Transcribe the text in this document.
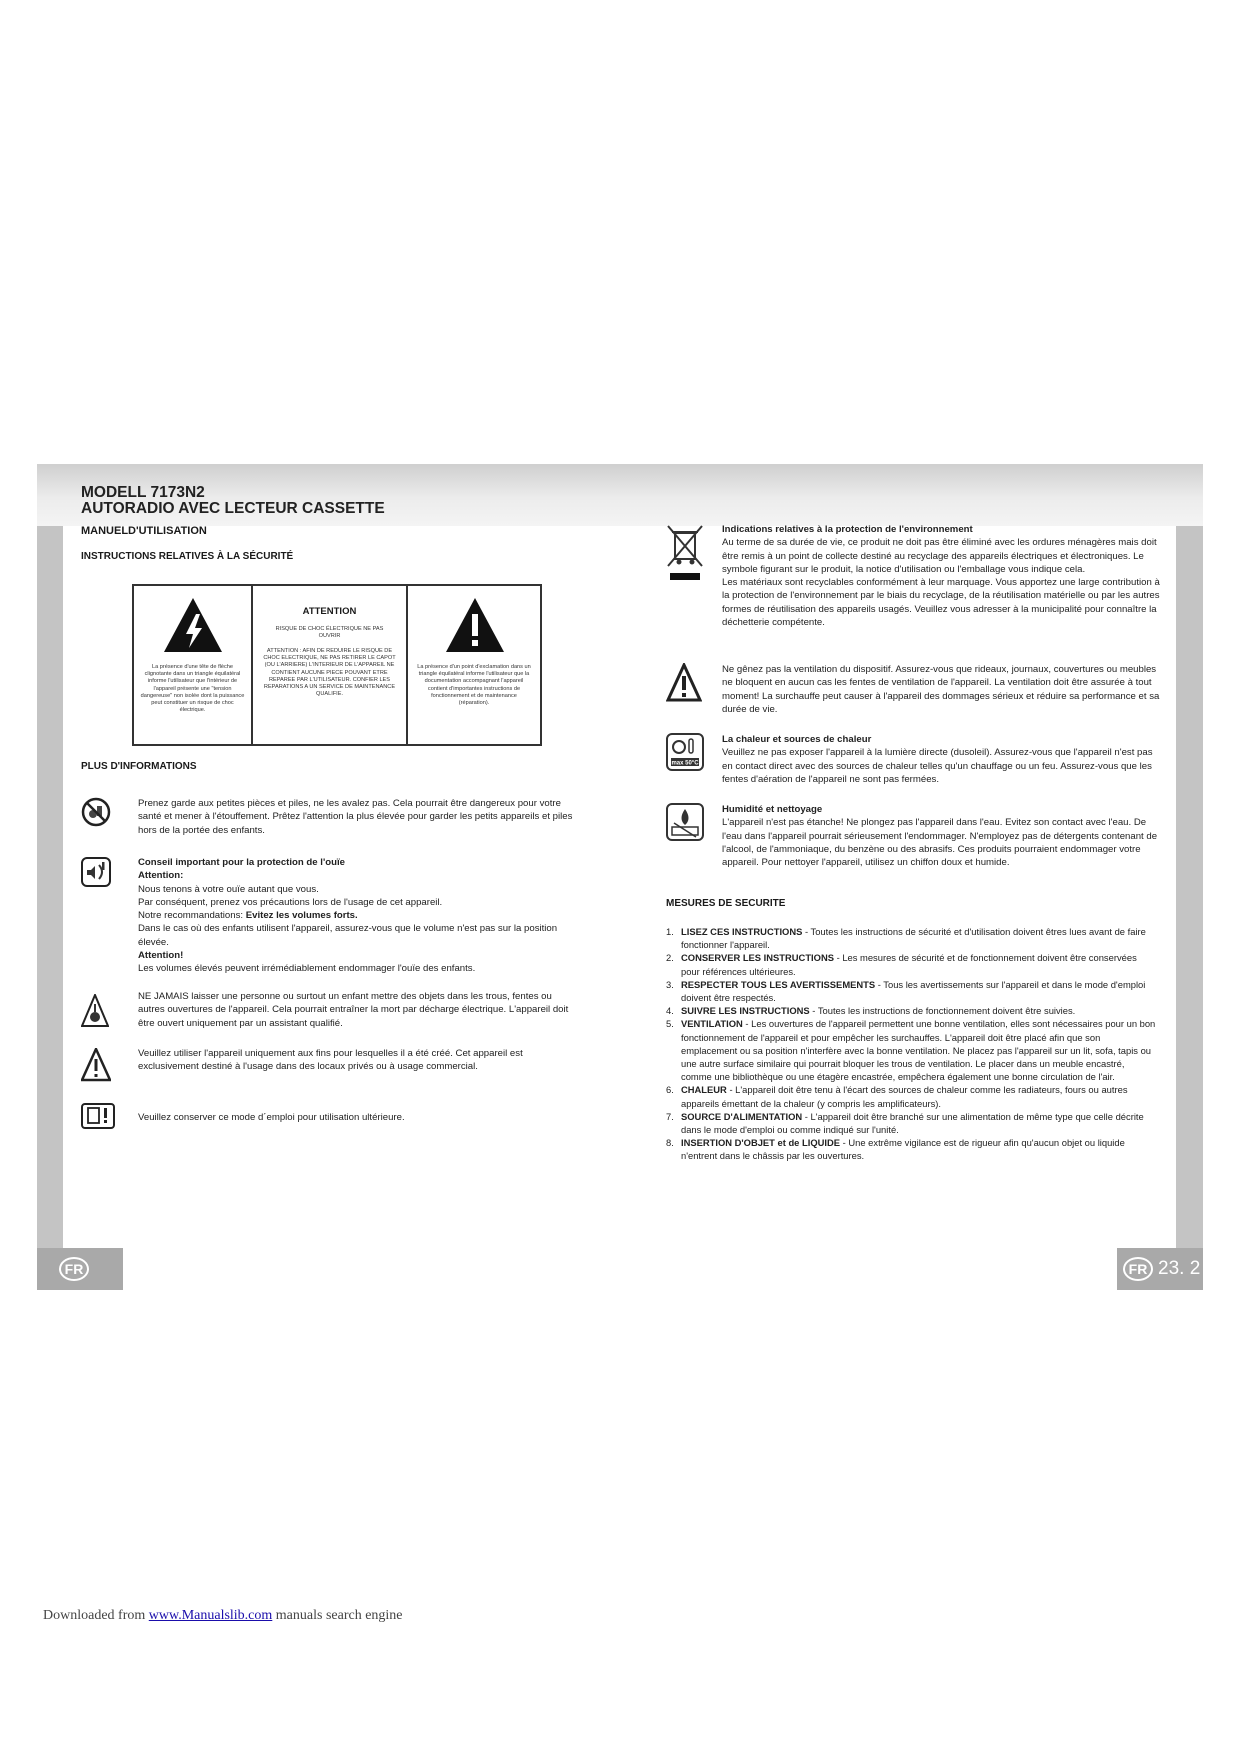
MODELL 7173N2
AUTORADIO AVEC LECTEUR CASSETTE
MANUELD'UTILISATION
INSTRUCTIONS RELATIVES À LA SÉCURITÉ
La présence d'une tête de flèche clignotante dans un triangle équilatéral informe l'utilisateur que l'intérieur de l'appareil présente une "tension dangereuse" non isolée dont la puissance peut constituer un risque de choc électrique.
ATTENTION
RISQUE DE CHOC ÉLECTRIQUE NE PAS OUVRIR
ATTENTION : AFIN DE REDUIRE LE RISQUE DE CHOC ELECTRIQUE, NE PAS RETIRER LE CAPOT (OU L'ARRIERE) L'INTERIEUR DE L'APPAREIL NE CONTIENT AUCUNE PIECE POUVANT ETRE REPAREE PAR L'UTILISATEUR. CONFIER LES REPARATIONS A UN SERVICE DE MAINTENANCE QUALIFIE.
La présence d'un point d'exclamation dans un triangle équilatéral informe l'utilisateur que la documentation accompagnant l'appareil contient d'importantes instructions de fonctionnement et de maintenance (réparation).
PLUS D'INFORMATIONS
Prenez garde aux petites pièces et piles, ne les avalez pas. Cela pourrait être dangereux pour votre santé et mener à l'étouffement. Prêtez l'attention la plus élevée pour garder les petits appareils et piles hors de la portée des enfants.
Conseil important pour la protection de l'ouïe
Attention:
Nous tenons à votre ouïe autant que vous.
Par conséquent, prenez vos précautions lors de l'usage de cet appareil.
Notre recommandations: Evitez les volumes forts.
Dans le cas où des enfants utilisent l'appareil, assurez-vous que le volume n'est pas sur la position élevée.
Attention!
Les volumes élevés peuvent irrémédiablement endommager l'ouïe des enfants.
NE JAMAIS laisser une personne ou surtout un enfant mettre des objets dans les trous, fentes ou autres ouvertures de l'appareil. Cela pourrait entraîner la mort par décharge électrique. L'appareil doit être ouvert uniquement par un assistant qualifié.
Veuillez utiliser l'appareil uniquement aux fins pour lesquelles il a été créé. Cet appareil est exclusivement destiné à l'usage dans des locaux privés ou à usage commercial.
Veuillez conserver ce mode d´emploi pour utilisation ultérieure.
Indications relatives à la protection de l'environnement
Au terme de sa durée de vie, ce produit ne doit pas être éliminé avec les ordures ménagères mais doit être remis à un point de collecte destiné au recyclage des appareils électriques et électroniques. Le symbole figurant sur le produit, la notice d'utilisation ou l'emballage vous indique cela.
Les matériaux sont recyclables conformément à leur marquage. Vous apportez une large contribution à la protection de l'environnement par le biais du recyclage, de la réutilisation matérielle ou par les autres formes de réutilisation des appareils usagés. Veuillez vous adresser à la municipalité pour connaître la déchetterie compétente.
Ne gênez pas la ventilation du dispositif. Assurez-vous que rideaux, journaux, couvertures ou meubles ne bloquent en aucun cas les fentes de ventilation de l'appareil. La ventilation doit être assurée à tout moment! La surchauffe peut causer à l'appareil des dommages sérieux et réduire sa performance et sa durée de vie.
max 50°C
La chaleur et sources de chaleur
Veuillez ne pas exposer l'appareil à la lumière directe (dusoleil). Assurez-vous que l'appareil n'est pas en contact direct avec des sources de chaleur telles qu'un chauffage ou un feu. Assurez-vous que les fentes d'aération de l'appareil ne sont pas fermées.
Humidité et nettoyage
L'appareil n'est pas étanche! Ne plongez pas l'appareil dans l'eau. Evitez son contact avec l'eau. De l'eau dans l'appareil pourrait sérieusement l'endommager. N'employez pas de détergents contenant de l'alcool, de l'ammoniaque, du benzène ou des abrasifs. Ces produits pourraient endommager votre appareil. Pour nettoyer l'appareil, utilisez un chiffon doux et humide.
MESURES DE SECURITE
1. LISEZ CES INSTRUCTIONS - Toutes les instructions de sécurité et d'utilisation doivent êtres lues avant de faire fonctionner l'appareil.
2. CONSERVER LES INSTRUCTIONS - Les mesures de sécurité et de fonctionnement doivent être conservées pour références ultérieures.
3. RESPECTER TOUS LES AVERTISSEMENTS - Tous les avertissements sur l'appareil et dans le mode d'emploi doivent être respectés.
4. SUIVRE LES INSTRUCTIONS - Toutes les instructions de fonctionnement doivent être suivies.
5. VENTILATION - Les ouvertures de l'appareil permettent une bonne ventilation, elles sont nécessaires pour un bon fonctionnement de l'appareil et pour empêcher les surchauffes. L'appareil doit être placé afin que son emplacement ou sa position n'interfère avec la bonne ventilation. Ne placez pas l'appareil sur un lit, sofa, tapis ou une autre surface similaire qui pourrait bloquer les trous de ventilation. Le placer dans un meuble encastré, comme une bibliothèque ou une étagère encastrée, empêchera également une bonne circulation de l'air.
6. CHALEUR - L'appareil doit être tenu à l'écart des sources de chaleur comme les radiateurs, fours ou autres appareils émettant de la chaleur (y compris les amplificateurs).
7. SOURCE D'ALIMENTATION - L'appareil doit être branché sur une alimentation de même type que celle décrite dans le mode d'emploi ou comme indiqué sur l'unité.
8. INSERTION D'OBJET et de LIQUIDE - Une extrême vigilance est de rigueur afin qu'aucun objet ou liquide n'entrent dans le châssis par les ouvertures.
FR	FR 23. 2
Downloaded from www.Manualslib.com manuals search engine
